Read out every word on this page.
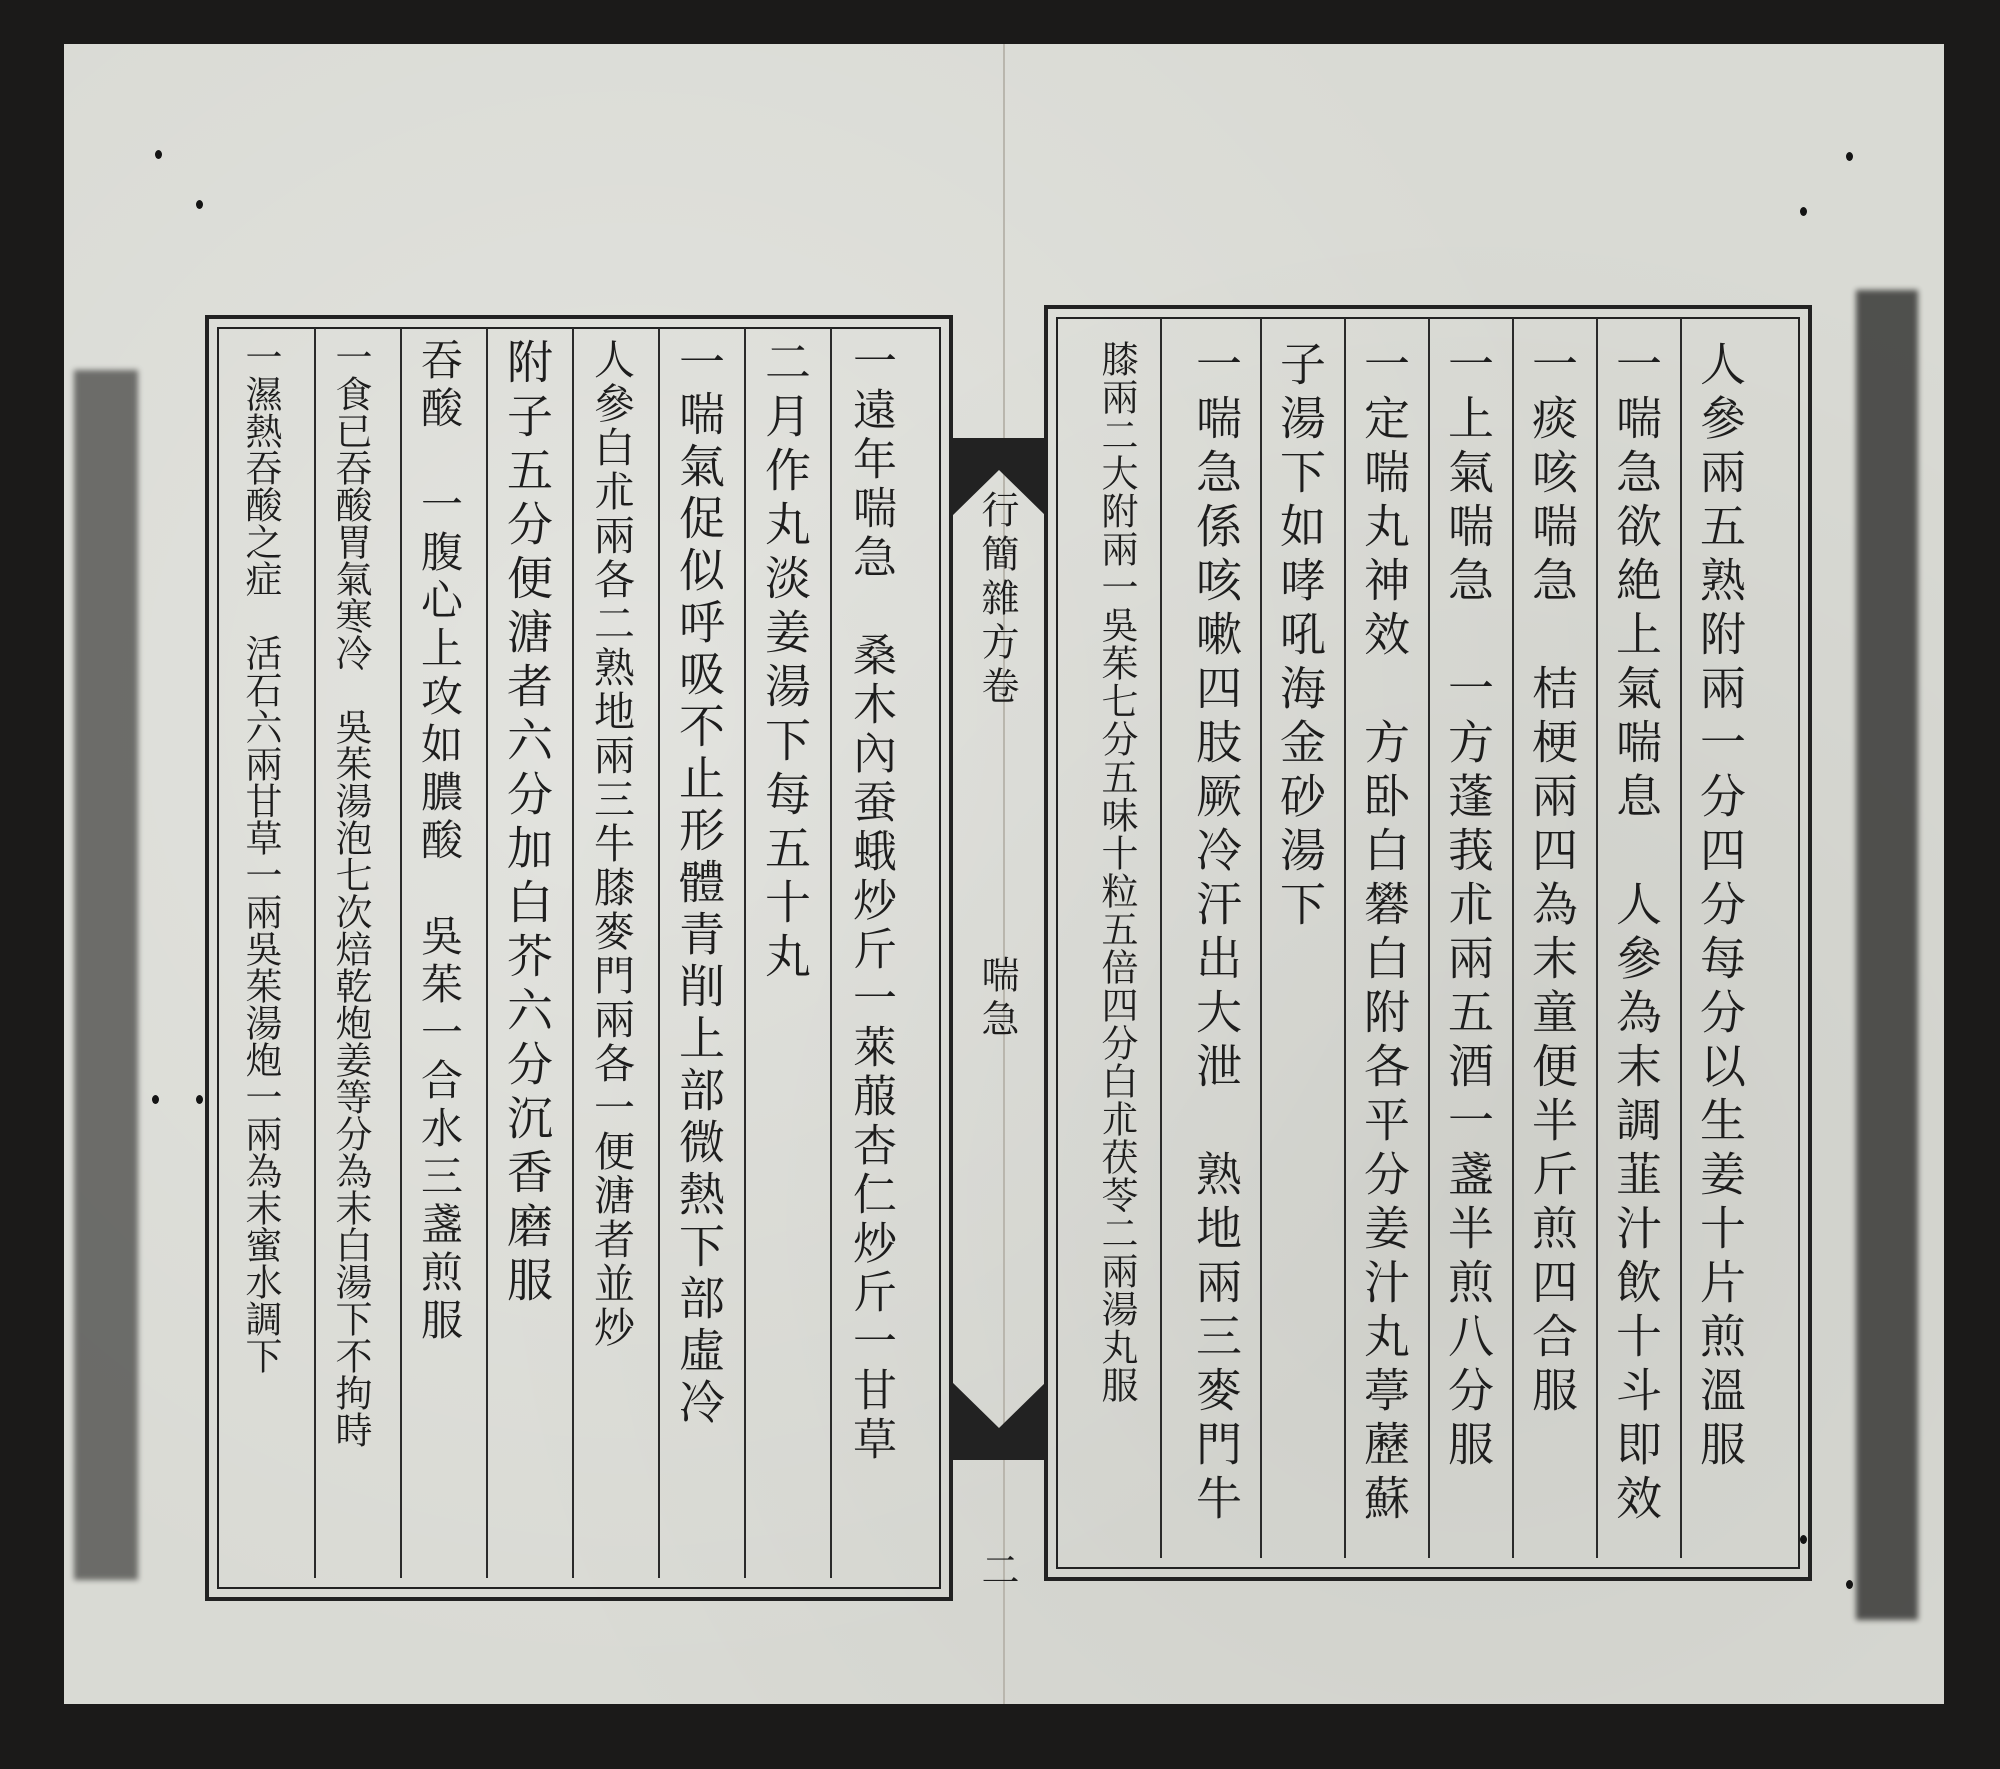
行簡雜方卷
喘急
二
人參兩五熟附兩一分四分每分以生姜十片煎溫服
一喘急欲絶上氣喘息　人參為末調韮汁飲十斗即效
一痰咳喘急　桔梗兩四為末童便半斤煎四合服
一上氣喘急　一方蓬莪朮兩五酒一盞半煎八分服
一定喘丸神效　方卧白礬白附各平分姜汁丸葶藶蘇
子湯下如哮吼海金砂湯下
一喘急係咳嗽四肢厥冷汗出大泄　熟地兩三麥門牛
膝兩二大附兩一吳茱七分五味十粒五倍四分白朮茯苓二兩湯丸服
一遠年喘急　桑木內蚕蛾炒斤一萊菔杏仁炒斤一甘草
二月作丸淡姜湯下每五十丸
一喘氣促似呼吸不止形體青削上部微熱下部虛冷
人參白朮兩各二熟地兩三牛膝麥門兩各一便溏者並炒
附子五分便溏者六分加白芥六分沉香磨服
吞酸　一腹心上攻如膿酸　吳茱一合水三盞煎服
一食已吞酸胃氣寒冷　吳茱湯泡七次焙乾炮姜等分為末白湯下不拘時
一濕熱吞酸之症　活石六兩甘草一兩吳茱湯炮一兩為末蜜水調下
